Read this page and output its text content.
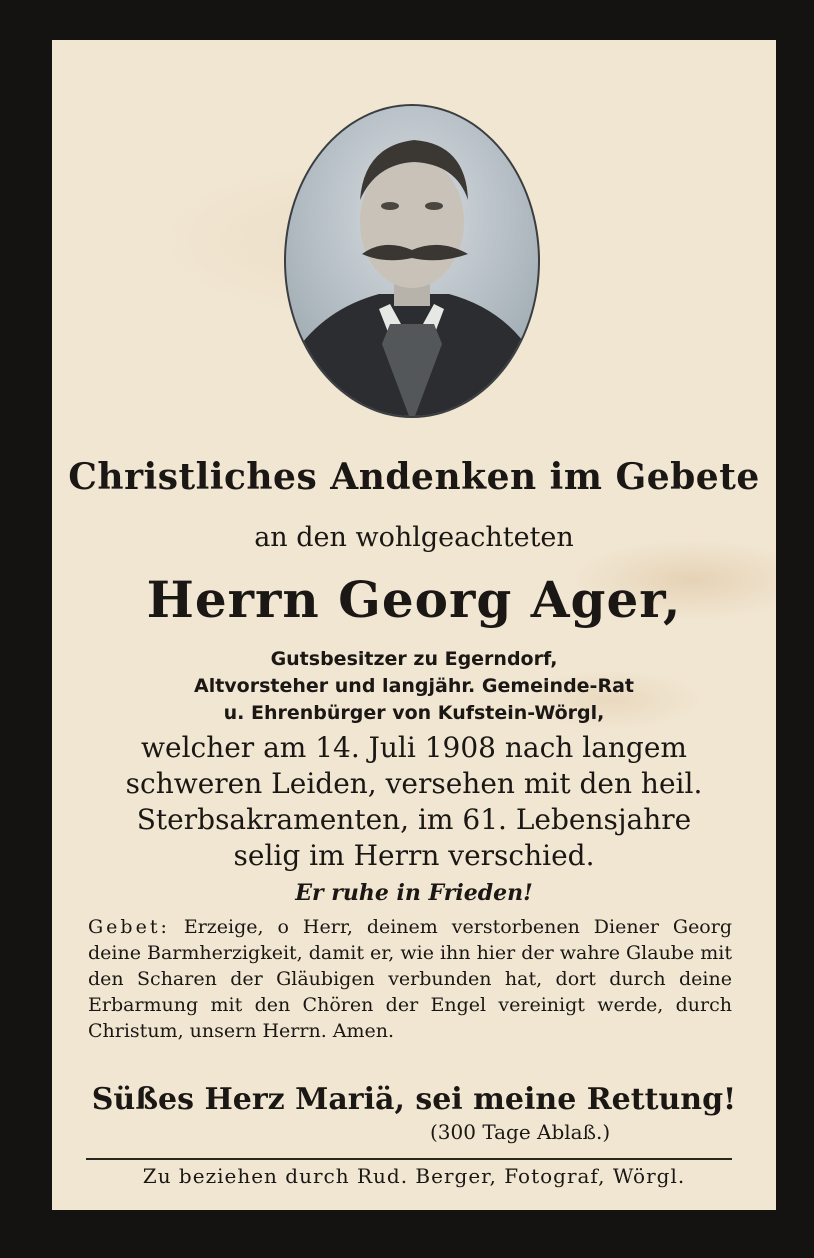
Christliches Andenken im Gebete
an den wohlgeachteten
Herrn Georg Ager,
Gutsbesitzer zu Egerndorf,
Altvorsteher und langjähr. Gemeinde-Rat
u. Ehrenbürger von Kufstein-Wörgl,
welcher am 14. Juli 1908 nach langem
schweren Leiden, versehen mit den heil.
Sterbsakramenten, im 61. Lebensjahre
selig im Herrn verschied.
Er ruhe in Frieden!
Gebet: Erzeige, o Herr, deinem verstorbenen Diener Georg deine Barmherzigkeit, damit er, wie ihn hier der wahre Glaube mit den Scharen der Gläubigen verbunden hat, dort durch deine Erbarmung mit den Chören der Engel vereinigt werde, durch Christum, unsern Herrn. Amen.
Süßes Herz Mariä, sei meine Rettung!
(300 Tage Ablaß.)
Zu beziehen durch Rud. Berger, Fotograf, Wörgl.
